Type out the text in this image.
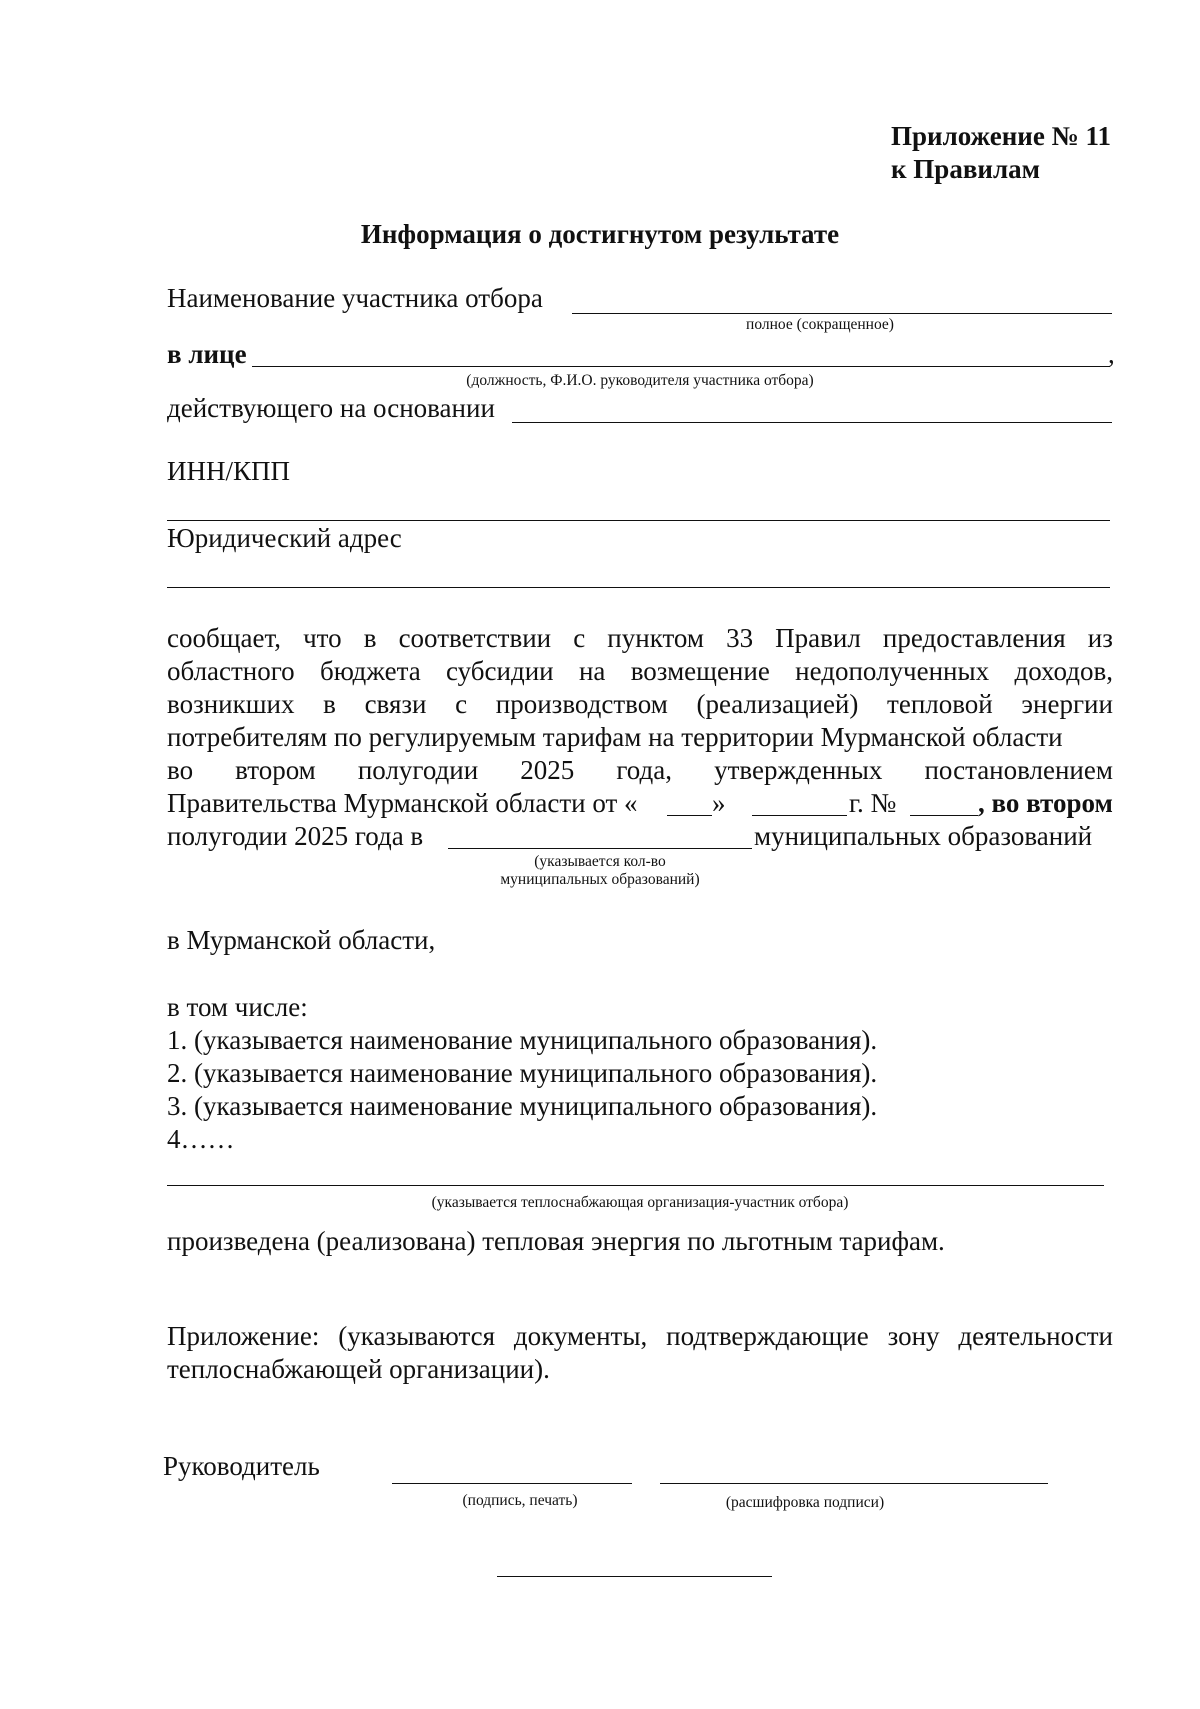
Приложение № 11
к Правилам
Информация о достигнутом результате
Наименование участника отбора
полное (сокращенное)
в лице	,
(должность, Ф.И.О. руководителя участника отбора)
действующего на основании
ИНН/КПП
Юридический адрес
сообщает, что в соответствии с пунктом 33 Правил предоставления из
областного бюджета субсидии на возмещение недополученных доходов,
возникших в связи с производством (реализацией) тепловой энергии
потребителям по регулируемым тарифам на территории Мурманской области
во втором полугодии 2025 года, утвержденных постановлением
Правительства Мурманской области от «	»	г. №	, во втором
полугодии 2025 года в	муниципальных образований
(указывается кол-во
муниципальных образований)
в Мурманской области,
в том числе:
1. (указывается наименование муниципального образования).
2. (указывается наименование муниципального образования).
3. (указывается наименование муниципального образования).
4……
(указывается теплоснабжающая организация-участник отбора)
произведена (реализована) тепловая энергия по льготным тарифам.
Приложение: (указываются документы, подтверждающие зону деятельности теплоснабжающей организации).
Руководитель
(подпись, печать)	(расшифровка подписи)
